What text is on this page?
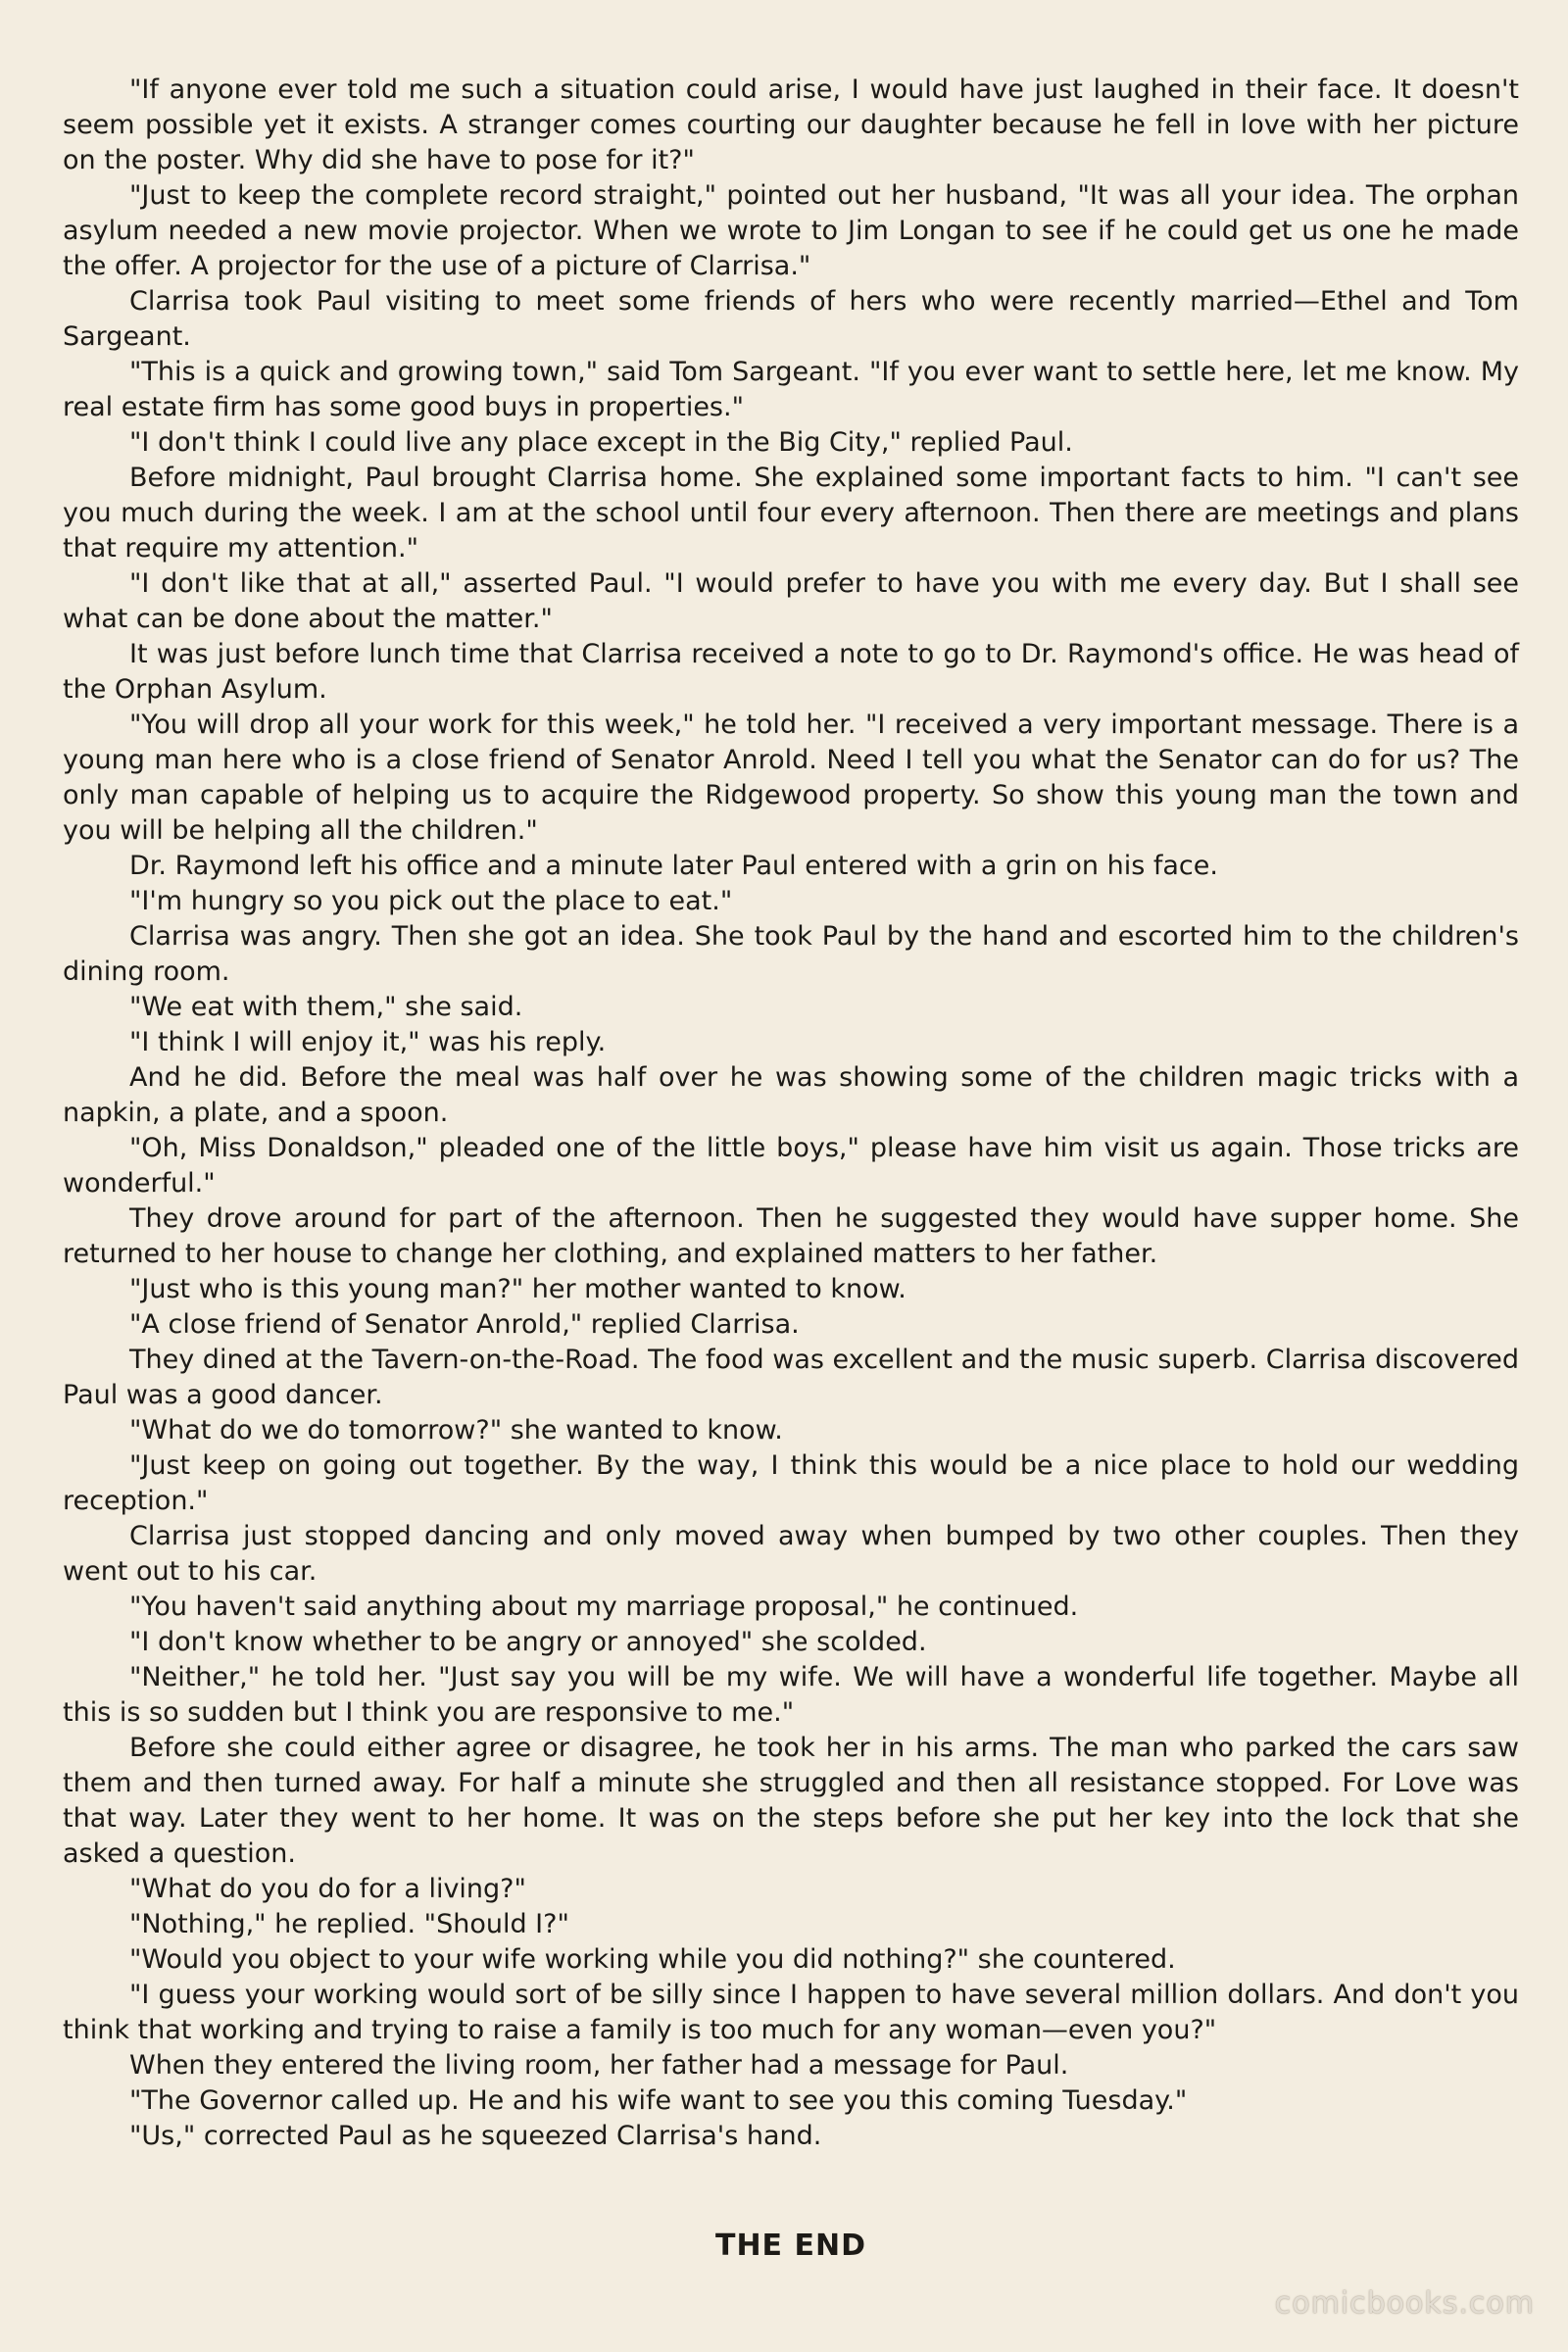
"If anyone ever told me such a situation could arise, I would have just laughed in their face. It doesn't seem possible yet it exists. A stranger comes courting our daughter because he fell in love with her picture on the poster. Why did she have to pose for it?"

"Just to keep the complete record straight," pointed out her husband, "It was all your idea. The orphan asylum needed a new movie projector. When we wrote to Jim Longan to see if he could get us one he made the offer. A projector for the use of a picture of Clarrisa."

Clarrisa took Paul visiting to meet some friends of hers who were recently married—Ethel and Tom Sargeant.

"This is a quick and growing town," said Tom Sargeant. "If you ever want to settle here, let me know. My real estate firm has some good buys in properties."

"I don't think I could live any place except in the Big City," replied Paul.

Before midnight, Paul brought Clarrisa home. She explained some important facts to him. "I can't see you much during the week. I am at the school until four every afternoon. Then there are meetings and plans that require my attention."

"I don't like that at all," asserted Paul. "I would prefer to have you with me every day. But I shall see what can be done about the matter."

It was just before lunch time that Clarrisa received a note to go to Dr. Raymond's office. He was head of the Orphan Asylum.

"You will drop all your work for this week," he told her. "I received a very important message. There is a young man here who is a close friend of Senator Anrold. Need I tell you what the Senator can do for us? The only man capable of helping us to acquire the Ridgewood property. So show this young man the town and you will be helping all the children."

Dr. Raymond left his office and a minute later Paul entered with a grin on his face.

"I'm hungry so you pick out the place to eat."

Clarrisa was angry. Then she got an idea. She took Paul by the hand and escorted him to the children's dining room.

"We eat with them," she said.

"I think I will enjoy it," was his reply.

And he did. Before the meal was half over he was showing some of the children magic tricks with a napkin, a plate, and a spoon.

"Oh, Miss Donaldson," pleaded one of the little boys," please have him visit us again. Those tricks are wonderful."

They drove around for part of the afternoon. Then he suggested they would have supper home. She returned to her house to change her clothing, and explained matters to her father.

"Just who is this young man?" her mother wanted to know.

"A close friend of Senator Anrold," replied Clarrisa.

They dined at the Tavern-on-the-Road. The food was excellent and the music superb. Clarrisa discovered Paul was a good dancer.

"What do we do tomorrow?" she wanted to know.

"Just keep on going out together. By the way, I think this would be a nice place to hold our wedding reception."

Clarrisa just stopped dancing and only moved away when bumped by two other couples. Then they went out to his car.

"You haven't said anything about my marriage proposal," he continued.

"I don't know whether to be angry or annoyed" she scolded.

"Neither," he told her. "Just say you will be my wife. We will have a wonderful life together. Maybe all this is so sudden but I think you are responsive to me."

Before she could either agree or disagree, he took her in his arms. The man who parked the cars saw them and then turned away. For half a minute she struggled and then all resistance stopped. For Love was that way. Later they went to her home. It was on the steps before she put her key into the lock that she asked a question.

"What do you do for a living?"

"Nothing," he replied. "Should I?"

"Would you object to your wife working while you did nothing?" she countered.

"I guess your working would sort of be silly since I happen to have several million dollars. And don't you think that working and trying to raise a family is too much for any woman—even you?"

When they entered the living room, her father had a message for Paul.

"The Governor called up. He and his wife want to see you this coming Tuesday."

"Us," corrected Paul as he squeezed Clarrisa's hand.

THE END
comicbooks.com
